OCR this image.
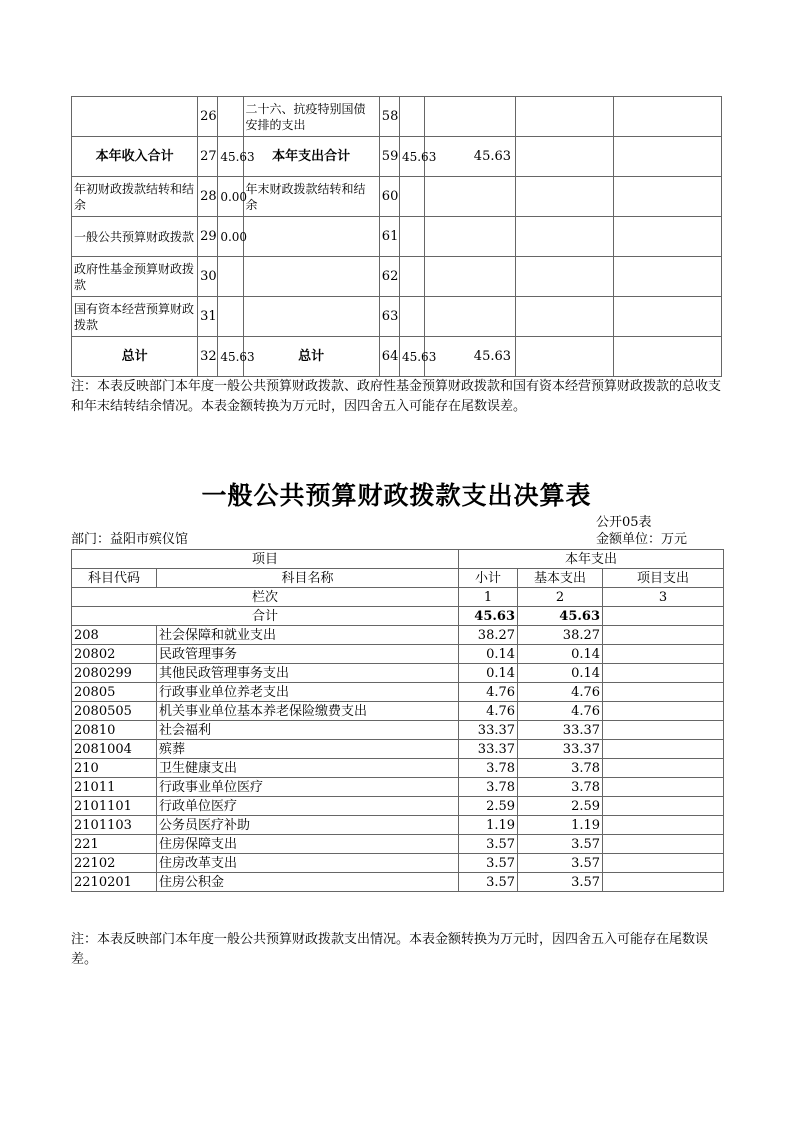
	26		二十六、抗疫特别国债安排的支出	58				
本年收入合计	27	45.63	本年支出合计	59	45.63	45.63		
年初财政拨款结转和结余	28	0.00	年末财政拨款结转和结余	60				
一般公共预算财政拨款	29	0.00		61				
政府性基金预算财政拨款	30			62				
国有资本经营预算财政拨款	31			63				
总计	32	45.63	总计	64	45.63	45.63		

注：本表反映部门本年度一般公共预算财政拨款、政府性基金预算财政拨款和国有资本经营预算财政拨款的总收支和年末结转结余情况。本表金额转换为万元时，因四舍五入可能存在尾数误差。

一般公共预算财政拨款支出决算表
公开05表
部门：益阳市殡仪馆	金额单位：万元
项目		本年支出		
科目代码	科目名称	小计	基本支出	项目支出
栏次		1	2	3
合计		45.63	45.63	
208	社会保障和就业支出	38.27	38.27	
20802	民政管理事务	0.14	0.14	
2080299	其他民政管理事务支出	0.14	0.14	
20805	行政事业单位养老支出	4.76	4.76	
2080505	机关事业单位基本养老保险缴费支出	4.76	4.76	
20810	社会福利	33.37	33.37	
2081004	殡葬	33.37	33.37	
210	卫生健康支出	3.78	3.78	
21011	行政事业单位医疗	3.78	3.78	
2101101	行政单位医疗	2.59	2.59	
2101103	公务员医疗补助	1.19	1.19	
221	住房保障支出	3.57	3.57	
22102	住房改革支出	3.57	3.57	
2210201	住房公积金	3.57	3.57	

注：本表反映部门本年度一般公共预算财政拨款支出情况。本表金额转换为万元时，因四舍五入可能存在尾数误差。
